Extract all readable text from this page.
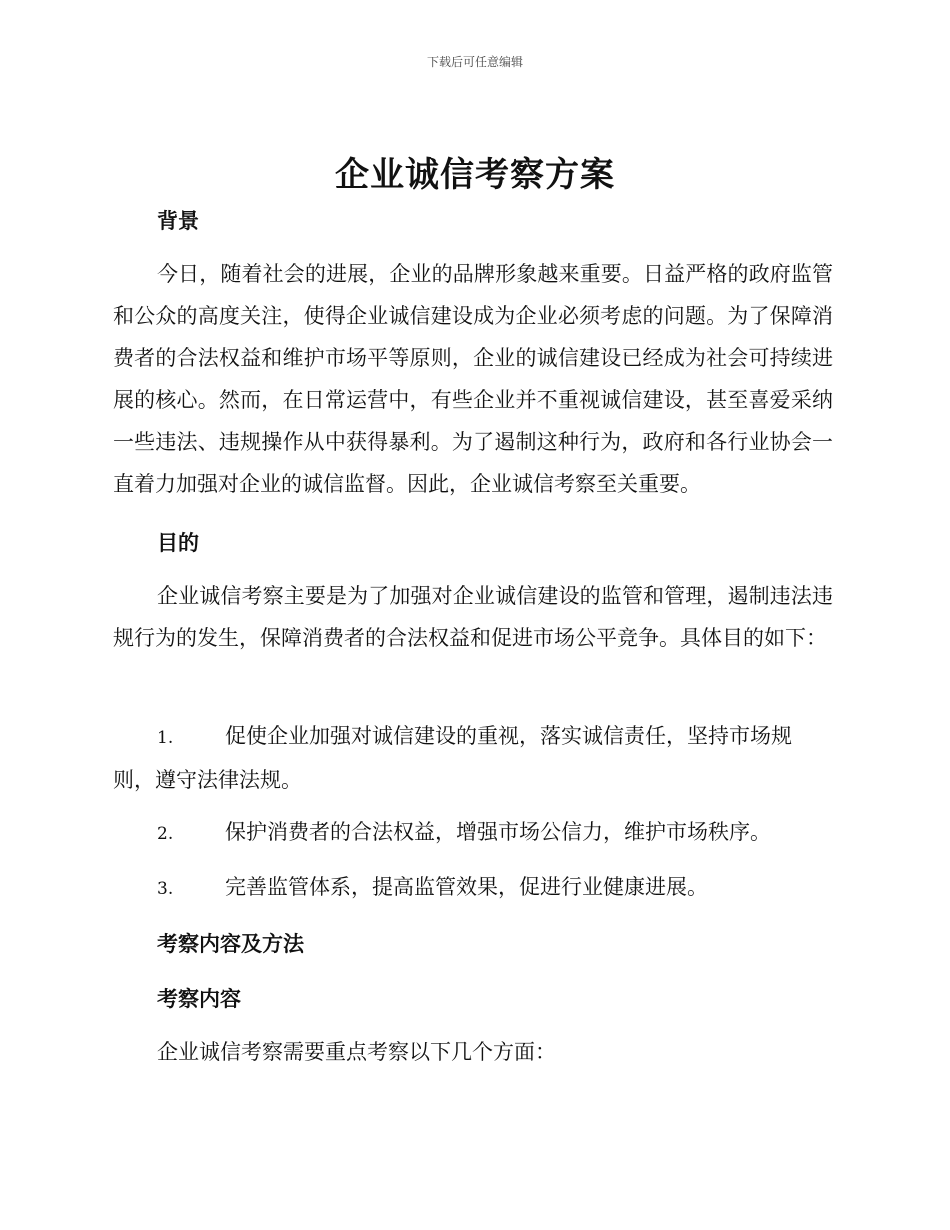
下载后可任意编辑
企业诚信考察方案
背景

今日，随着社会的进展，企业的品牌形象越来重要。日益严格的政府监管和公众的高度关注，使得企业诚信建设成为企业必须考虑的问题。为了保障消费者的合法权益和维护市场平等原则，企业的诚信建设已经成为社会可持续进展的核心。然而，在日常运营中，有些企业并不重视诚信建设，甚至喜爱采纳一些违法、违规操作从中获得暴利。为了遏制这种行为，政府和各行业协会一直着力加强对企业的诚信监督。因此，企业诚信考察至关重要。

目的

企业诚信考察主要是为了加强对企业诚信建设的监管和管理，遏制违法违规行为的发生，保障消费者的合法权益和促进市场公平竞争。具体目的如下：

1. 促使企业加强对诚信建设的重视，落实诚信责任，坚持市场规则，遵守法律法规。

2. 保护消费者的合法权益，增强市场公信力，维护市场秩序。

3. 完善监管体系，提高监管效果，促进行业健康进展。

考察内容及方法
考察内容

企业诚信考察需要重点考察以下几个方面：
